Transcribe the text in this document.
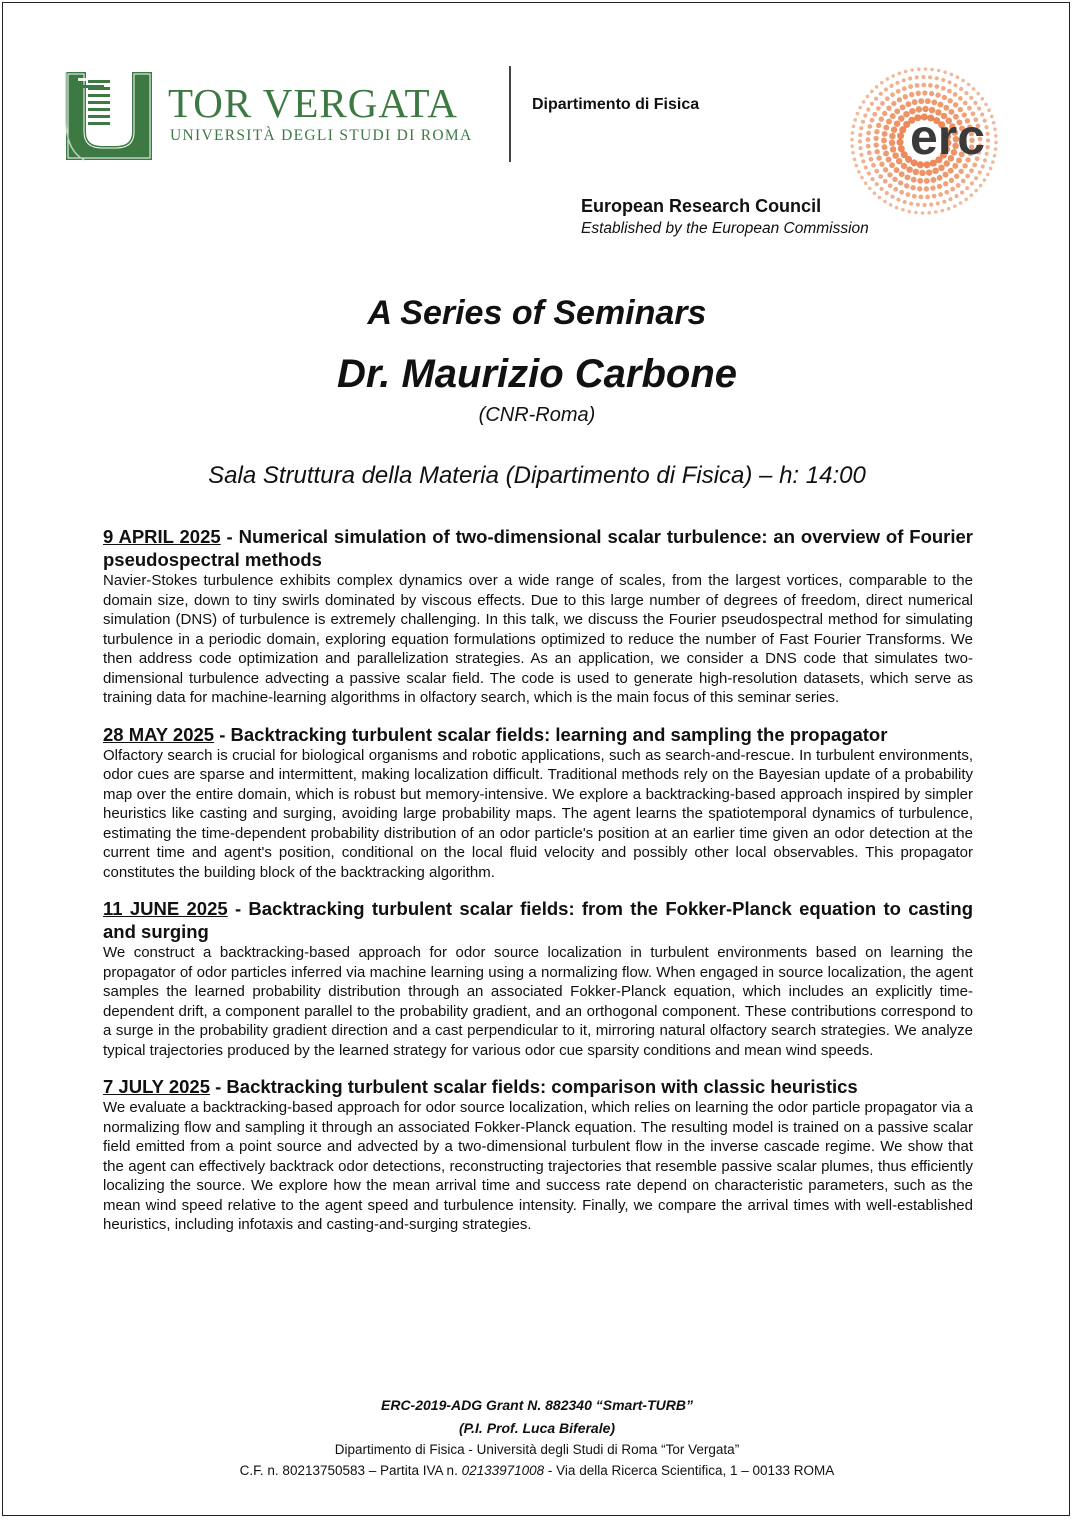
TOR VERGATA
UNIVERSITÀ DEGLI STUDI DI ROMA
Dipartimento di Fisica
erc
European Research Council
Established by the European Commission
A Series of Seminars
Dr. Maurizio Carbone
(CNR-Roma)
Sala Struttura della Materia (Dipartimento di Fisica) – h: 14:00

9 APRIL 2025 - Numerical simulation of two-dimensional scalar turbulence: an overview of Fourier pseudospectral methods

Navier-Stokes turbulence exhibits complex dynamics over a wide range of scales, from the largest vortices, comparable to the domain size, down to tiny swirls dominated by viscous effects. Due to this large number of degrees of freedom, direct numerical simulation (DNS) of turbulence is extremely challenging. In this talk, we discuss the Fourier pseudospectral method for simulating turbulence in a periodic domain, exploring equation formulations optimized to reduce the number of Fast Fourier Transforms. We then address code optimization and parallelization strategies. As an application, we consider a DNS code that simulates two-dimensional turbulence advecting a passive scalar field. The code is used to generate high-resolution datasets, which serve as training data for machine-learning algorithms in olfactory search, which is the main focus of this seminar series.

28 MAY 2025 - Backtracking turbulent scalar fields: learning and sampling the propagator

Olfactory search is crucial for biological organisms and robotic applications, such as search-and-rescue. In turbulent environments, odor cues are sparse and intermittent, making localization difficult. Traditional methods rely on the Bayesian update of a probability map over the entire domain, which is robust but memory-intensive. We explore a backtracking-based approach inspired by simpler heuristics like casting and surging, avoiding large probability maps. The agent learns the spatiotemporal dynamics of turbulence, estimating the time-dependent probability distribution of an odor particle's position at an earlier time given an odor detection at the current time and agent's position, conditional on the local fluid velocity and possibly other local observables. This propagator constitutes the building block of the backtracking algorithm.

11 JUNE 2025 - Backtracking turbulent scalar fields: from the Fokker-Planck equation to casting and surging

We construct a backtracking-based approach for odor source localization in turbulent environments based on learning the propagator of odor particles inferred via machine learning using a normalizing flow. When engaged in source localization, the agent samples the learned probability distribution through an associated Fokker-Planck equation, which includes an explicitly time-dependent drift, a component parallel to the probability gradient, and an orthogonal component. These contributions correspond to a surge in the probability gradient direction and a cast perpendicular to it, mirroring natural olfactory search strategies. We analyze typical trajectories produced by the learned strategy for various odor cue sparsity conditions and mean wind speeds.

7 JULY 2025 - Backtracking turbulent scalar fields: comparison with classic heuristics

We evaluate a backtracking-based approach for odor source localization, which relies on learning the odor particle propagator via a normalizing flow and sampling it through an associated Fokker-Planck equation. The resulting model is trained on a passive scalar field emitted from a point source and advected by a two-dimensional turbulent flow in the inverse cascade regime. We show that the agent can effectively backtrack odor detections, reconstructing trajectories that resemble passive scalar plumes, thus efficiently localizing the source. We explore how the mean arrival time and success rate depend on characteristic parameters, such as the mean wind speed relative to the agent speed and turbulence intensity. Finally, we compare the arrival times with well-established heuristics, including infotaxis and casting-and-surging strategies.

ERC-2019-ADG Grant N. 882340 “Smart-TURB”
(P.I. Prof. Luca Biferale)
Dipartimento di Fisica - Università degli Studi di Roma “Tor Vergata”
C.F. n. 80213750583 – Partita IVA n. 02133971008 - Via della Ricerca Scientifica, 1 – 00133 ROMA
